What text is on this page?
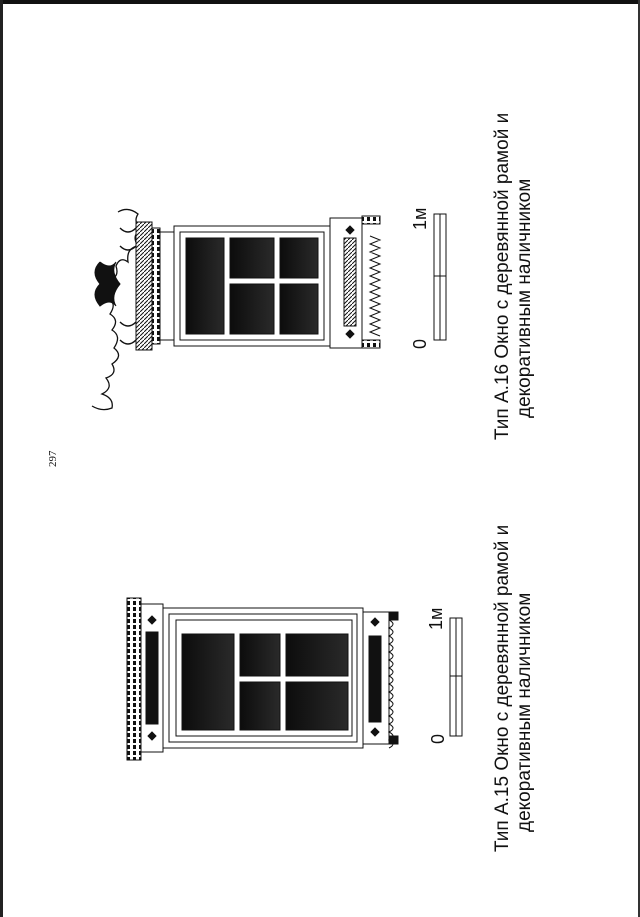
297
Тип А.15 Окно с деревянной рамой и декоративным наличником
Тип А.16 Окно с деревянной рамой и декоративным наличником
0
1м
0
1м
